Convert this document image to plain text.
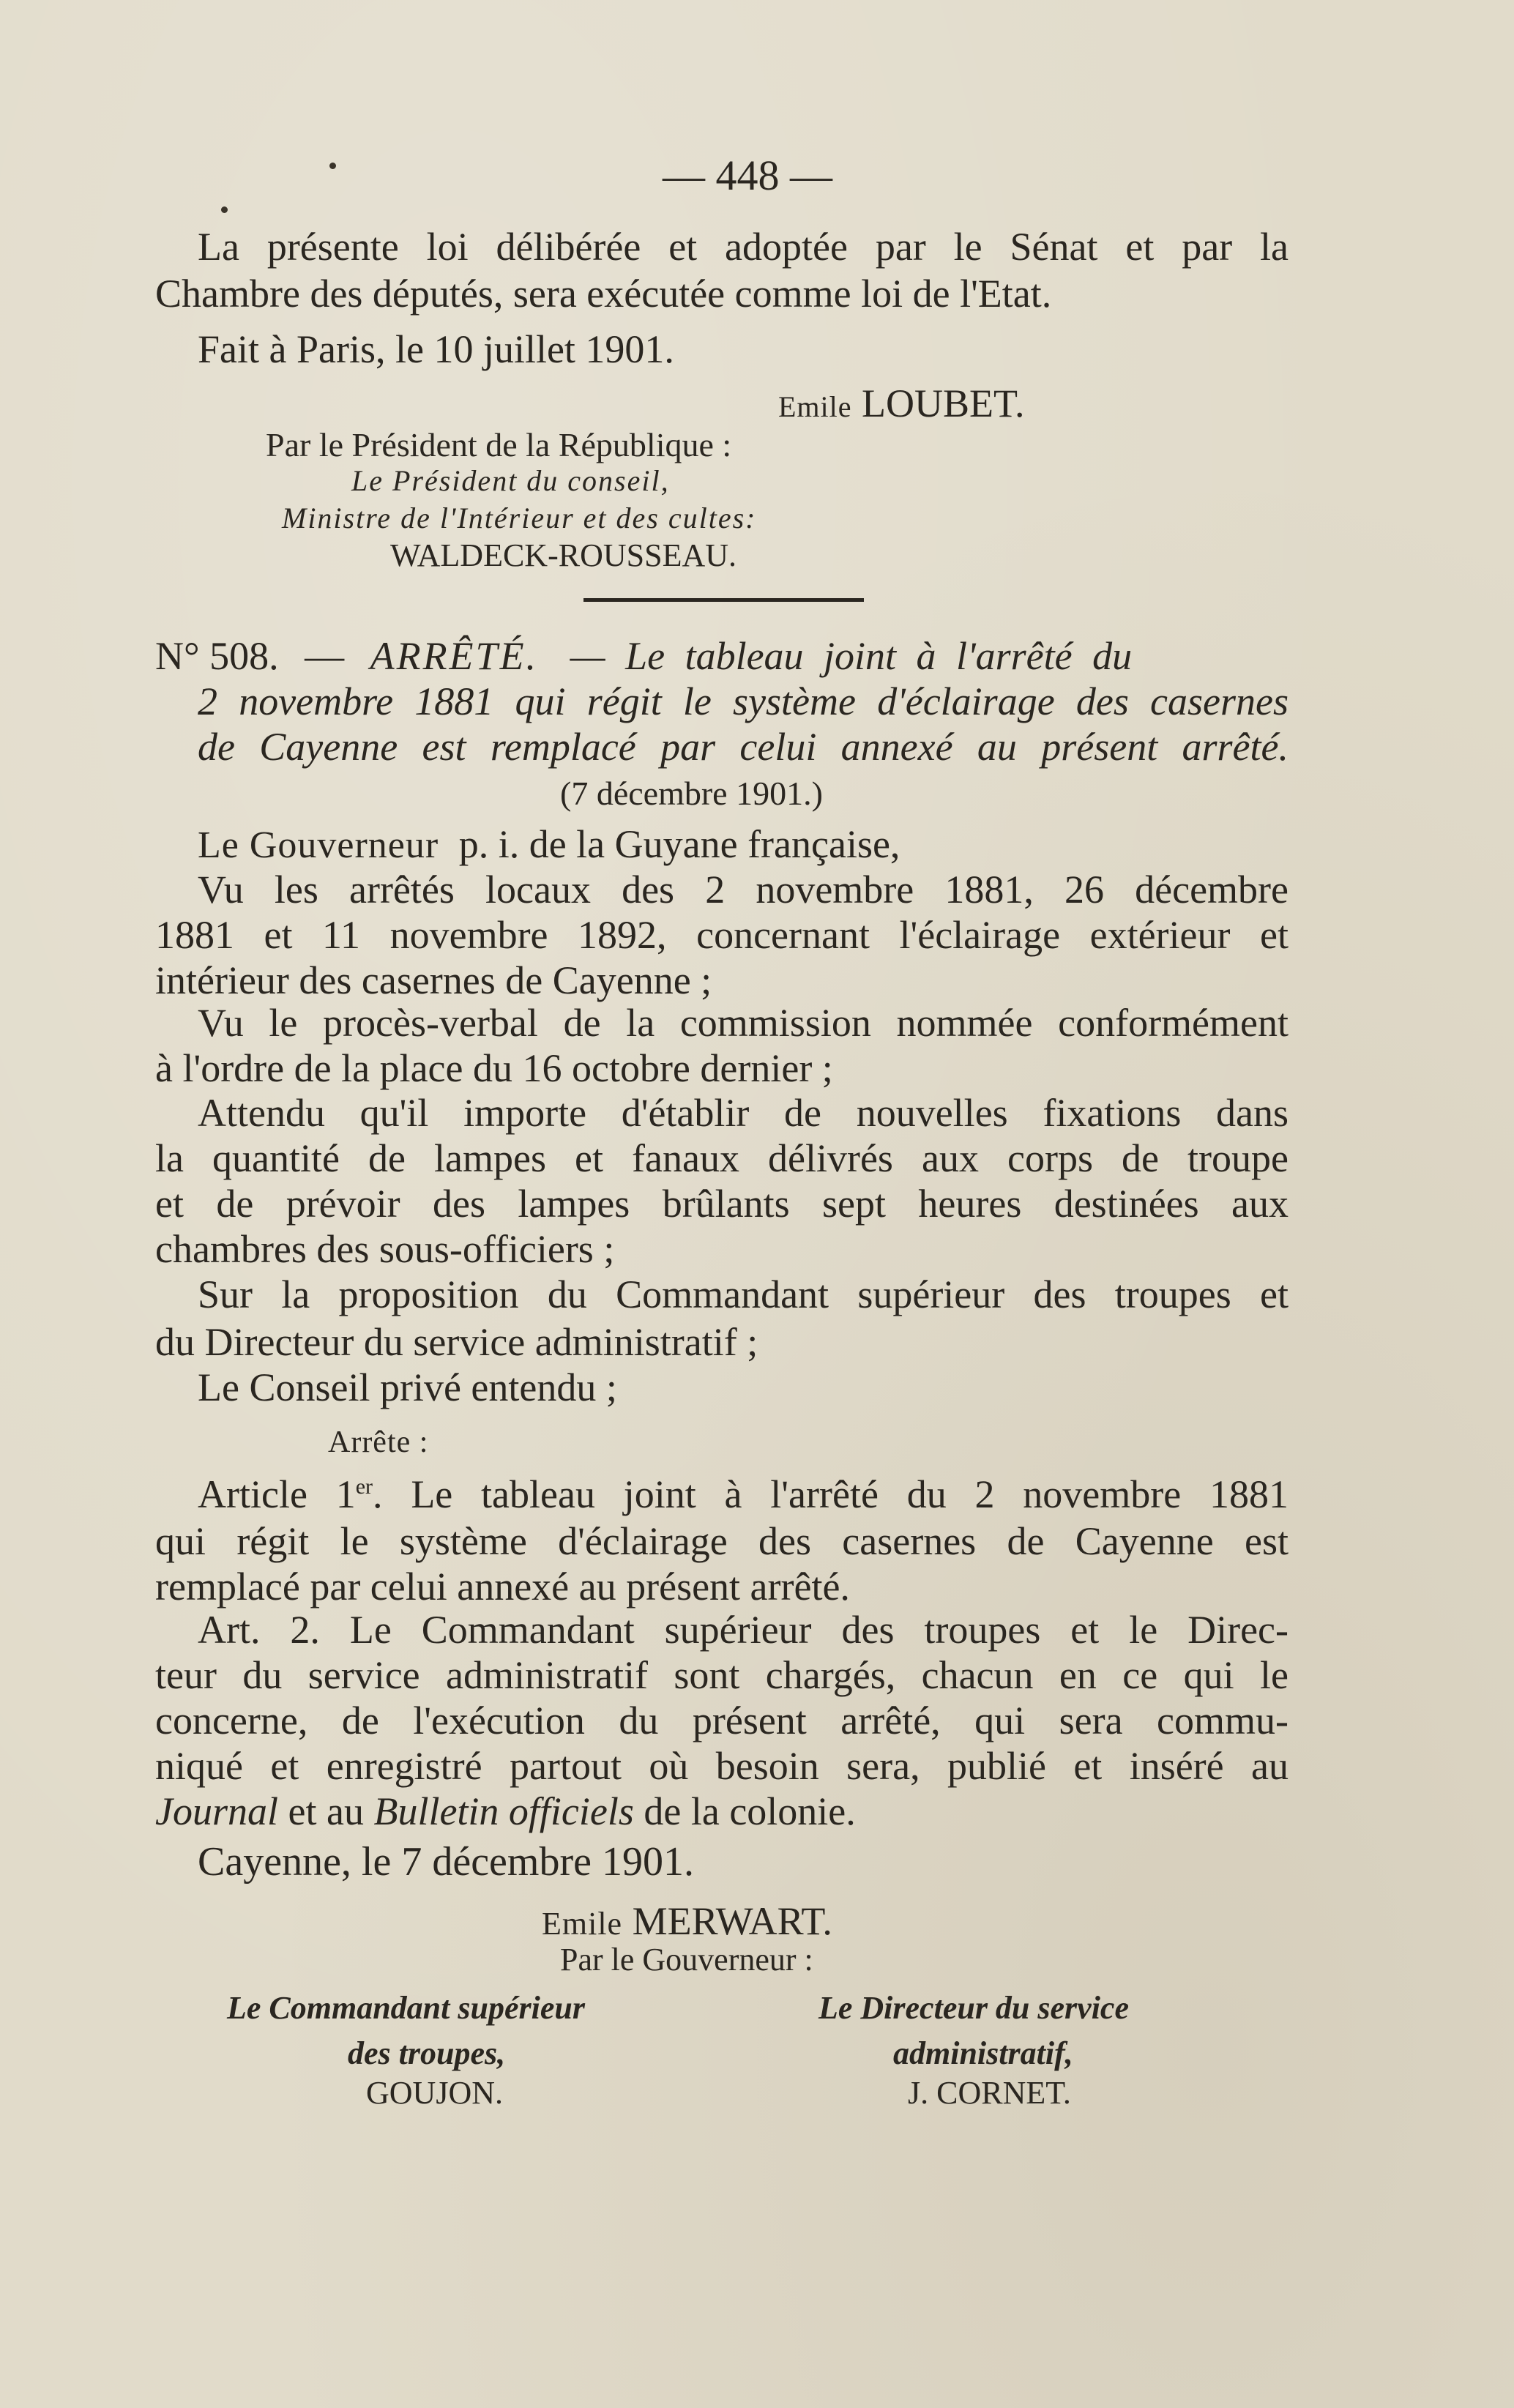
— 448 —
La présente loi délibérée et adoptée par le Sénat et par la
Chambre des députés, sera exécutée comme loi de l'Etat.
Fait à Paris, le 10 juillet 1901.
Emile LOUBET.
Par le Président de la République :
Le Président du conseil,
Ministre de l'Intérieur et des cultes:
WALDECK-ROUSSEAU.
N° 508. — ARRÊTÉ. — Le tableau joint à l'arrêté du
2 novembre 1881 qui régit le système d'éclairage des casernes
de Cayenne est remplacé par celui annexé au présent arrêté.
(7 décembre 1901.)
Le Gouverneur p. i. de la Guyane française,
Vu les arrêtés locaux des 2 novembre 1881, 26 décembre
1881 et 11 novembre 1892, concernant l'éclairage extérieur et
intérieur des casernes de Cayenne ;
Vu le procès-verbal de la commission nommée conformément
à l'ordre de la place du 16 octobre dernier ;
Attendu qu'il importe d'établir de nouvelles fixations dans
la quantité de lampes et fanaux délivrés aux corps de troupe
et de prévoir des lampes brûlants sept heures destinées aux
chambres des sous-officiers ;
Sur la proposition du Commandant supérieur des troupes et
du Directeur du service administratif ;
Le Conseil privé entendu ;
Arrête :
Article 1er. Le tableau joint à l'arrêté du 2 novembre 1881
qui régit le système d'éclairage des casernes de Cayenne est
remplacé par celui annexé au présent arrêté.
Art. 2. Le Commandant supérieur des troupes et le Direc-
teur du service administratif sont chargés, chacun en ce qui le
concerne, de l'exécution du présent arrêté, qui sera commu-
niqué et enregistré partout où besoin sera, publié et inséré au
Journal et au Bulletin officiels de la colonie.
Cayenne, le 7 décembre 1901.
Emile MERWART.
Par le Gouverneur :
Le Commandant supérieur
des troupes,
GOUJON.
Le Directeur du service
administratif,
J. CORNET.
